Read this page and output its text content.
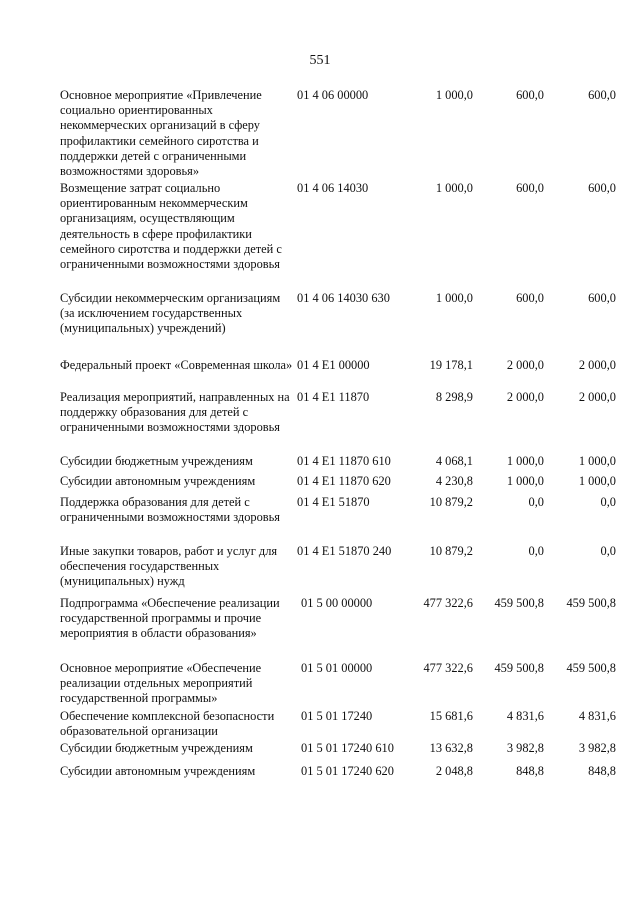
551
Основное мероприятие «Привлечение социально ориентированных некоммерческих организаций в сферу профилактики семейного сиротства и поддержки детей с ограниченными возможностями здоровья»
01 4 06 00000	1 000,0	600,0	600,0
Возмещение затрат социально ориентированным некоммерческим организациям, осуществляющим деятельность в сфере профилактики семейного сиротства и поддержки детей с ограниченными возможностями здоровья
01 4 06 14030	1 000,0	600,0	600,0
Субсидии некоммерческим организациям (за исключением государственных (муниципальных) учреждений)
01 4 06 14030 630	1 000,0	600,0	600,0
Федеральный проект «Современная школа» 01 4 E1 00000	19 178,1	2 000,0	2 000,0
Реализация мероприятий, направленных на поддержку образования для детей с ограниченными возможностями здоровья
01 4 E1 11870	8 298,9	2 000,0	2 000,0
Субсидии бюджетным учреждениям	01 4 E1 11870 610	4 068,1	1 000,0	1 000,0
Субсидии автономным учреждениям	01 4 E1 11870 620	4 230,8	1 000,0	1 000,0
Поддержка образования для детей с ограниченными возможностями здоровья
01 4 E1 51870	10 879,2	0,0	0,0
Иные закупки товаров, работ и услуг для обеспечения государственных (муниципальных) нужд
01 4 E1 51870 240	10 879,2	0,0	0,0
Подпрограмма «Обеспечение реализации государственной программы и прочие мероприятия в области образования»
01 5 00 00000	477 322,6	459 500,8	459 500,8
Основное мероприятие «Обеспечение реализации отдельных мероприятий государственной программы»
01 5 01 00000	477 322,6	459 500,8	459 500,8
Обеспечение комплексной безопасности образовательной организации
01 5 01 17240	15 681,6	4 831,6	4 831,6
Субсидии бюджетным учреждениям	01 5 01 17240 610	13 632,8	3 982,8	3 982,8
Субсидии автономным учреждениям	01 5 01 17240 620	2 048,8	848,8	848,8
